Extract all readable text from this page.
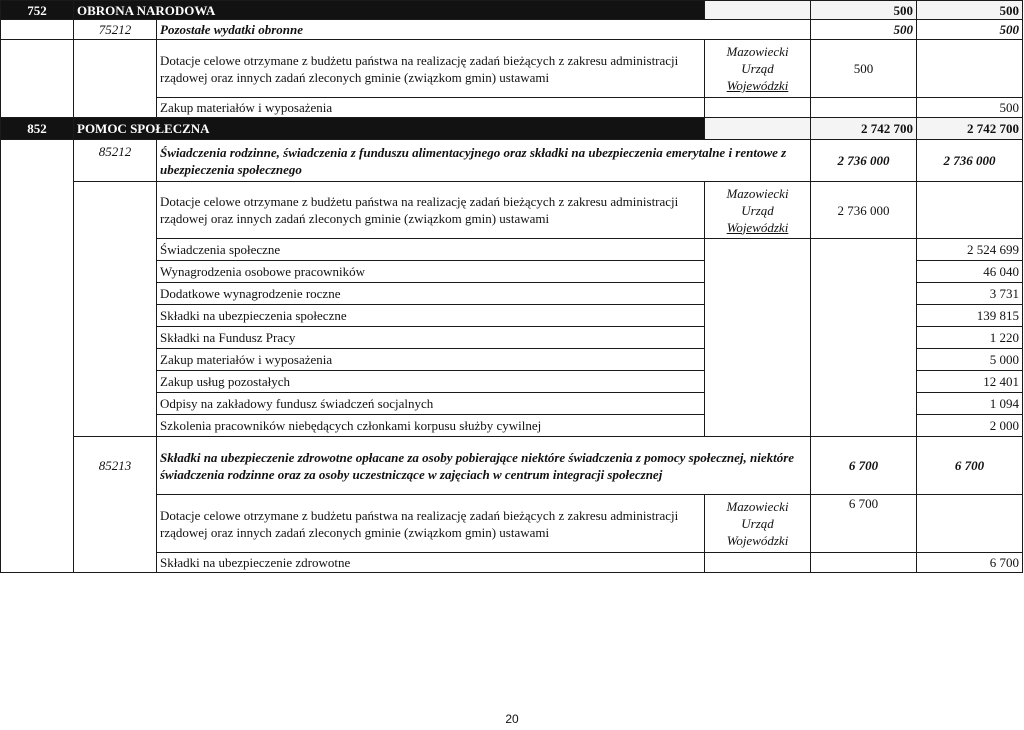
752	OBRONA NARODOWA			500	500
	75212	Pozostałe wydatki obronne		500	500
		Dotacje celowe otrzymane z budżetu państwa na realizację zadań bieżących z zakresu administracji rządowej oraz innych zadań zleconych gminie (związkom gmin) ustawami	Mazowiecki
Urząd
Wojewódzki	500	
		Zakup materiałów i wyposażenia			500
852	POMOC SPOŁECZNA			2 742 700	2 742 700
	85212	Świadczenia rodzinne, świadczenia z funduszu alimentacyjnego oraz składki na ubezpieczenia emerytalne i rentowe z ubezpieczenia społecznego		2 736 000	2 736 000
		Dotacje celowe otrzymane z budżetu państwa na realizację zadań bieżących z zakresu administracji rządowej oraz innych zadań zleconych gminie (związkom gmin) ustawami	Mazowiecki
Urząd
Wojewódzki	2 736 000	
		Świadczenia społeczne			2 524 699
		Wynagrodzenia osobowe pracowników			46 040
		Dodatkowe wynagrodzenie roczne			3 731
		Składki na ubezpieczenia społeczne			139 815
		Składki na Fundusz Pracy			1 220
		Zakup materiałów i wyposażenia			5 000
		Zakup usług pozostałych			12 401
		Odpisy na zakładowy fundusz świadczeń socjalnych			1 094
		Szkolenia pracowników niebędących członkami korpusu służby cywilnej			2 000
	85213	Składki na ubezpieczenie zdrowotne opłacane za osoby pobierające niektóre świadczenia z pomocy społecznej, niektóre świadczenia rodzinne oraz za osoby uczestniczące w zajęciach w centrum integracji społecznej		6 700	6 700
		Dotacje celowe otrzymane z budżetu państwa na realizację zadań bieżących z zakresu administracji rządowej oraz innych zadań zleconych gminie (związkom gmin) ustawami	Mazowiecki
Urząd
Wojewódzki	6 700	
		Składki na ubezpieczenie zdrowotne			6 700
20
